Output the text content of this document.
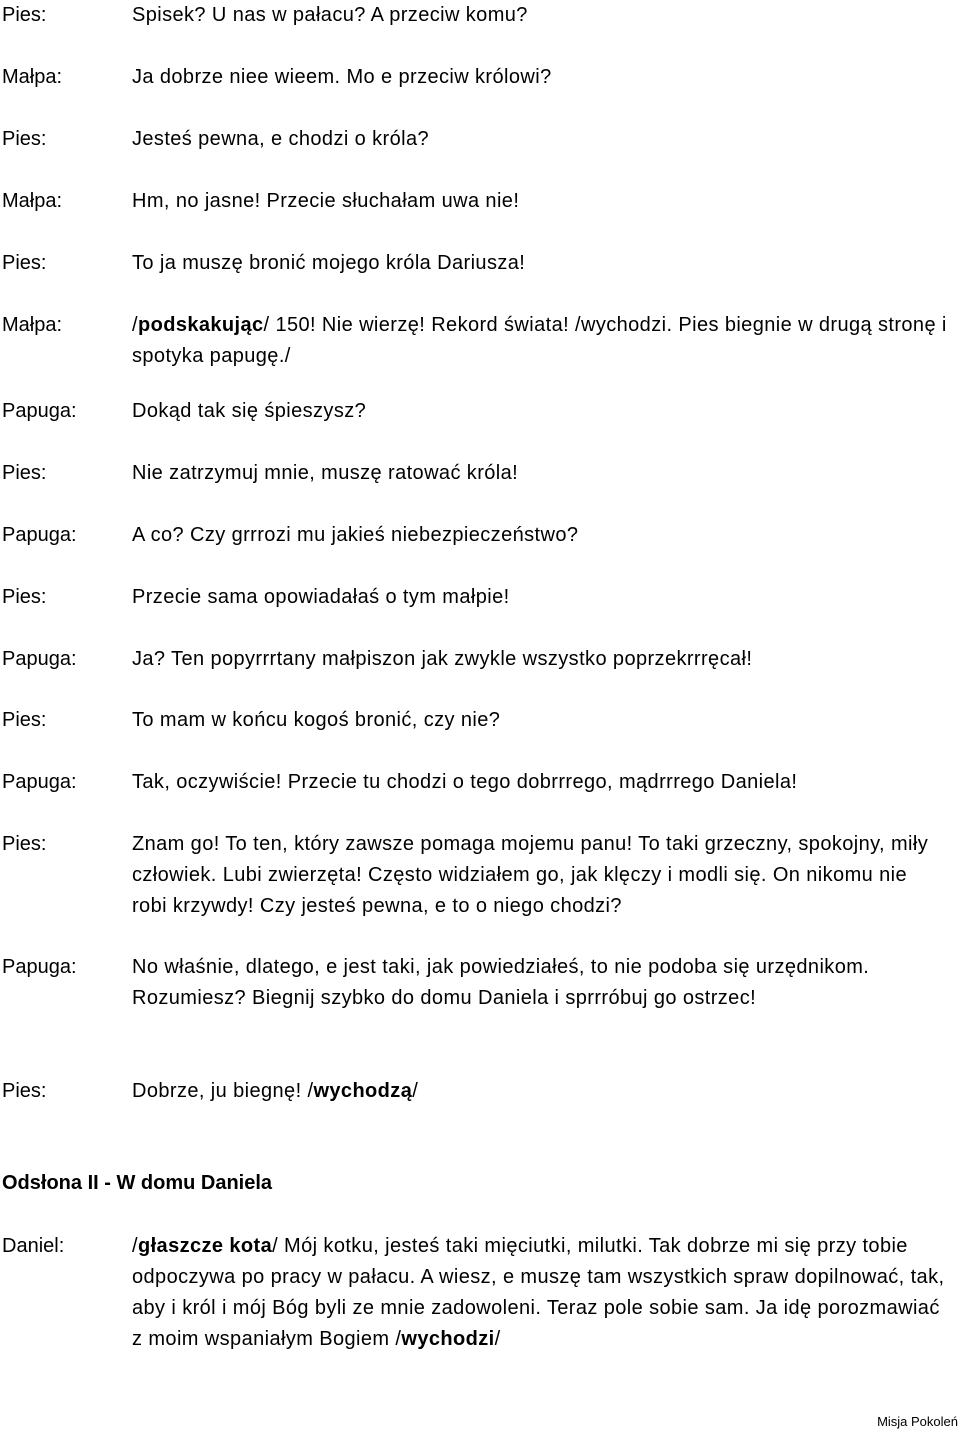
Pies:	Spisek? U nas w pałacu? A przeciw komu?
Małpa:	Ja dobrze niee wieem. Mo e przeciw królowi?
Pies:	Jesteś pewna, e chodzi o króla?
Małpa:	Hm, no jasne! Przecie słuchałam uwa nie!
Pies:	To ja muszę bronić mojego króla Dariusza!
Małpa:	/podskakując/ 150! Nie wierzę! Rekord świata! /wychodzi. Pies biegnie w drugą stronę i spotyka papugę./
Papuga:	Dokąd tak się śpieszysz?
Pies:	Nie zatrzymuj mnie, muszę ratować króla!
Papuga:	A co? Czy grrrozi mu jakieś niebezpieczeństwo?
Pies:	Przecie sama opowiadałaś o tym małpie!
Papuga:	Ja? Ten popyrrrtany małpiszon jak zwykle wszystko poprzekrrręcał!
Pies:	To mam w końcu kogoś bronić, czy nie?
Papuga:	Tak, oczywiście! Przecie tu chodzi o tego dobrrrego, mądrrrego Daniela!
Pies:	Znam go! To ten, który zawsze pomaga mojemu panu! To taki grzeczny, spokojny, miły człowiek. Lubi zwierzęta! Często widziałem go, jak klęczy i modli się. On nikomu nie robi krzywdy! Czy jesteś pewna, e to o niego chodzi?
Papuga:	No właśnie, dlatego, e jest taki, jak powiedziałeś, to nie podoba się urzędnikom. Rozumiesz? Biegnij szybko do domu Daniela i sprrróbuj go ostrzec!
Pies:	Dobrze, ju biegnę! /wychodzą/
Odsłona II - W domu Daniela
Daniel:	/głaszcze kota/ Mój kotku, jesteś taki mięciutki, milutki. Tak dobrze mi się przy tobie odpoczywa po pracy w pałacu. A wiesz, e muszę tam wszystkich spraw dopilnować, tak, aby i król i mój Bóg byli ze mnie zadowoleni. Teraz pole sobie sam. Ja idę porozmawiać z moim wspaniałym Bogiem /wychodzi/
Misja Pokoleń
